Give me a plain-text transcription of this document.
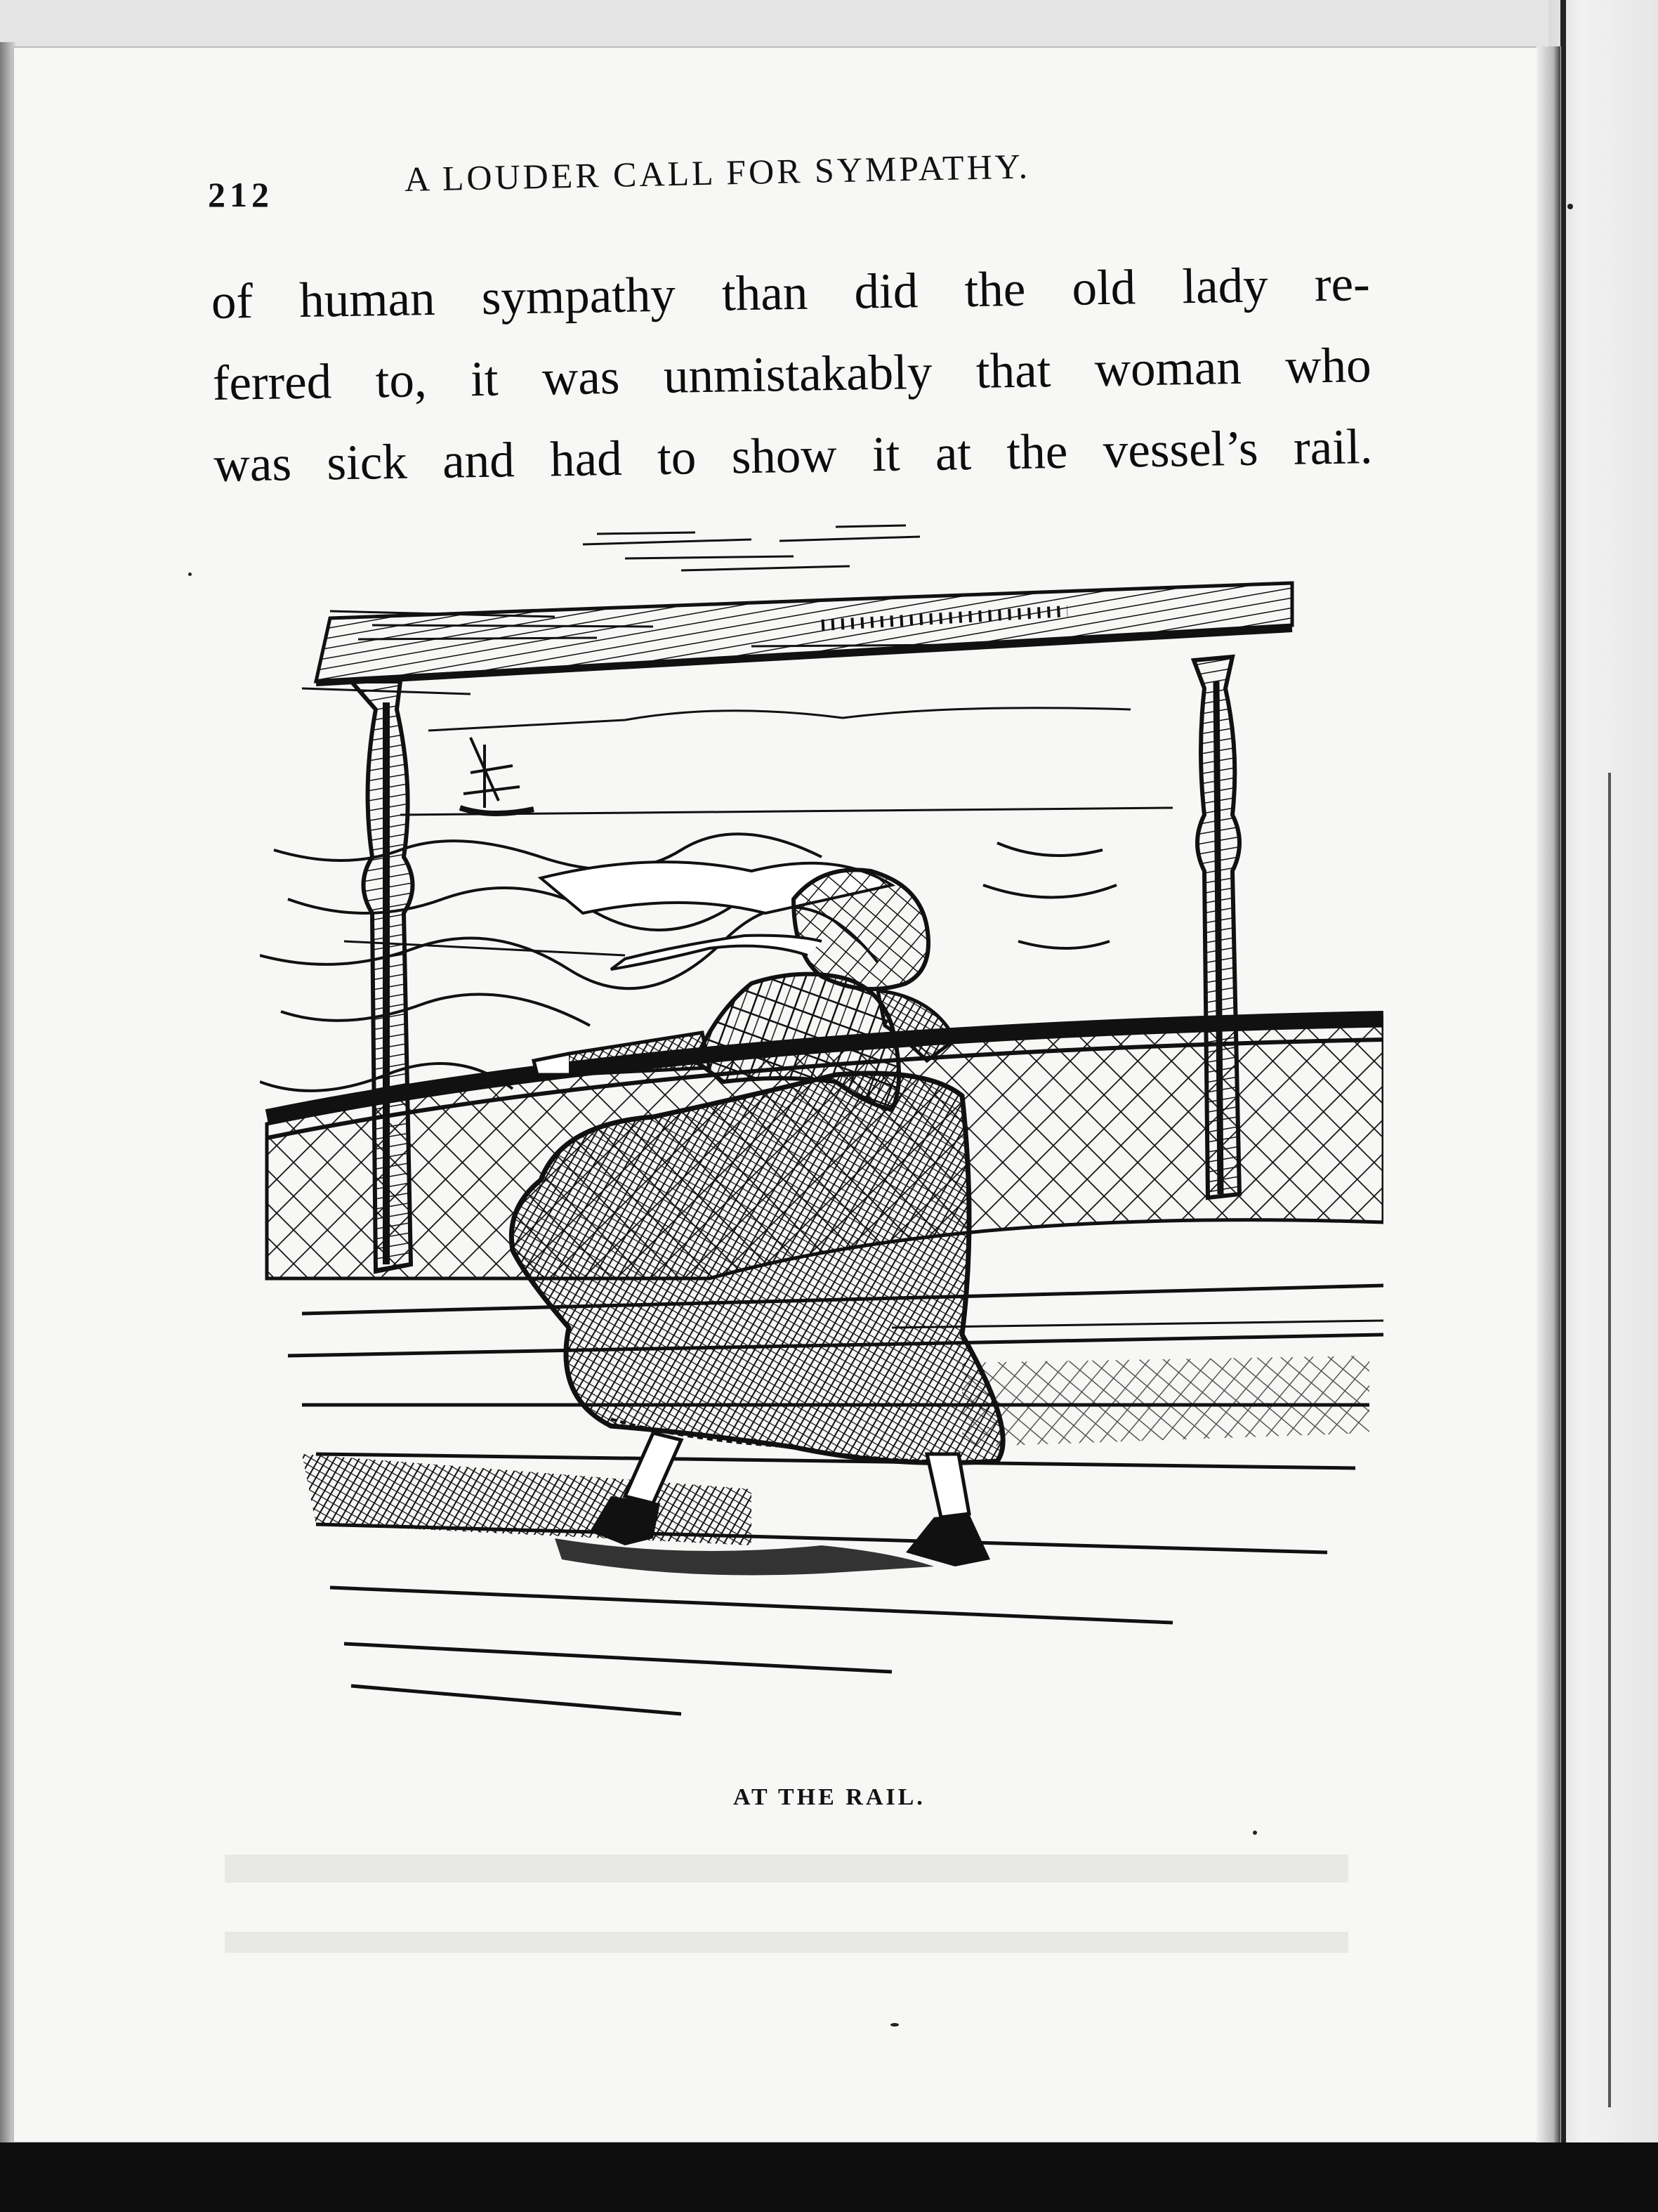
212	A LOUDER CALL FOR SYMPATHY.
of human sympathy than did the old lady re-
ferred to, it was unmistakably that woman who
was sick and had to show it at the vessel’s rail.
AT THE RAIL.
